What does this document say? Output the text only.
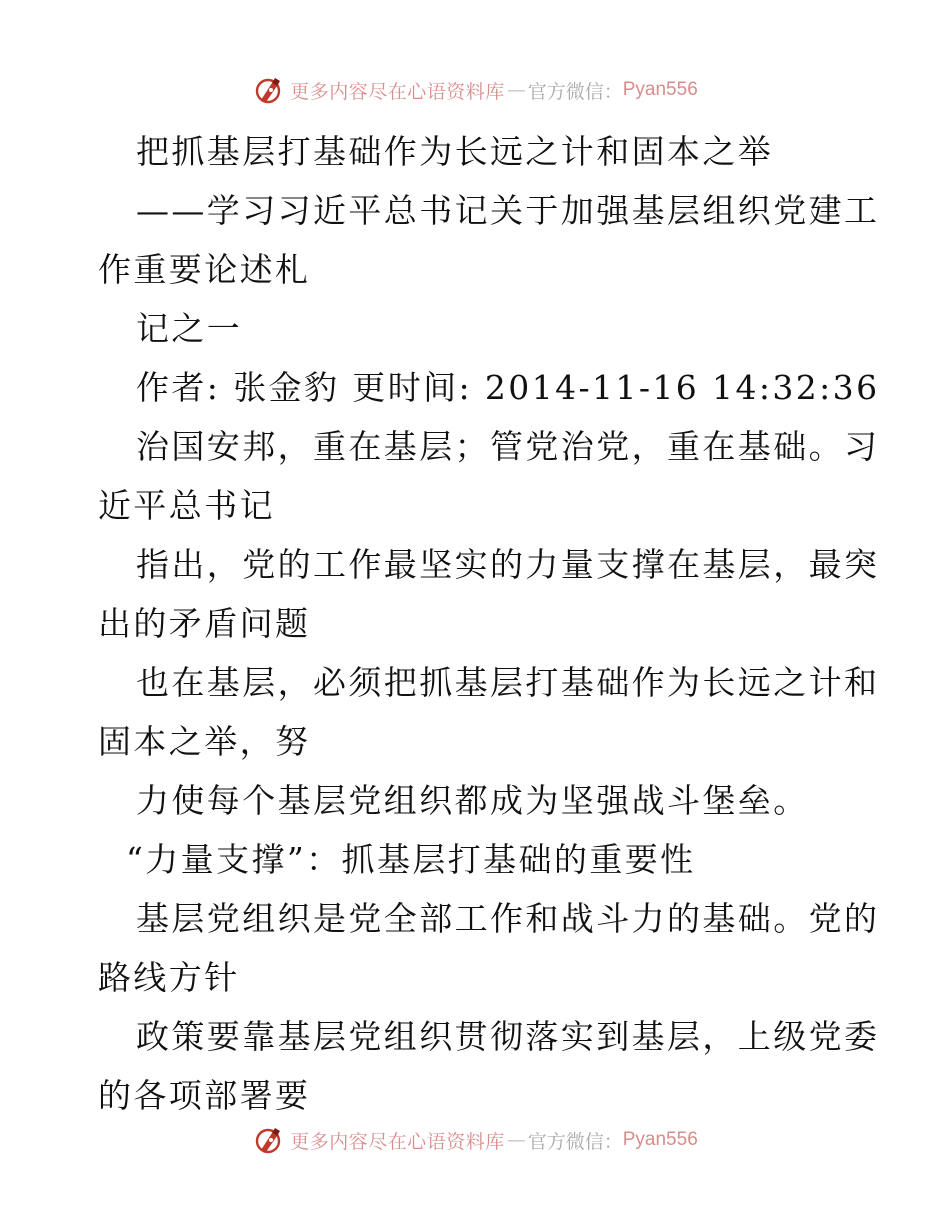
更多内容尽在心语资料库 — 官方微信： Pyan556
把抓基层打基础作为长远之计和固本之举
——学习习近平总书记关于加强基层组织党建工
作重要论述札
记之一
作者: 张金豹 更时间: 2014-11-16 14:32:36
治国安邦，重在基层；管党治党，重在基础。习
近平总书记
指出，党的工作最坚实的力量支撑在基层，最突
出的矛盾问题
也在基层，必须把抓基层打基础作为长远之计和
固本之举，努
力使每个基层党组织都成为坚强战斗堡垒。
“力量支撑”：抓基层打基础的重要性
基层党组织是党全部工作和战斗力的基础。党的
路线方针
政策要靠基层党组织贯彻落实到基层，上级党委
的各项部署要
更多内容尽在心语资料库 — 官方微信： Pyan556
